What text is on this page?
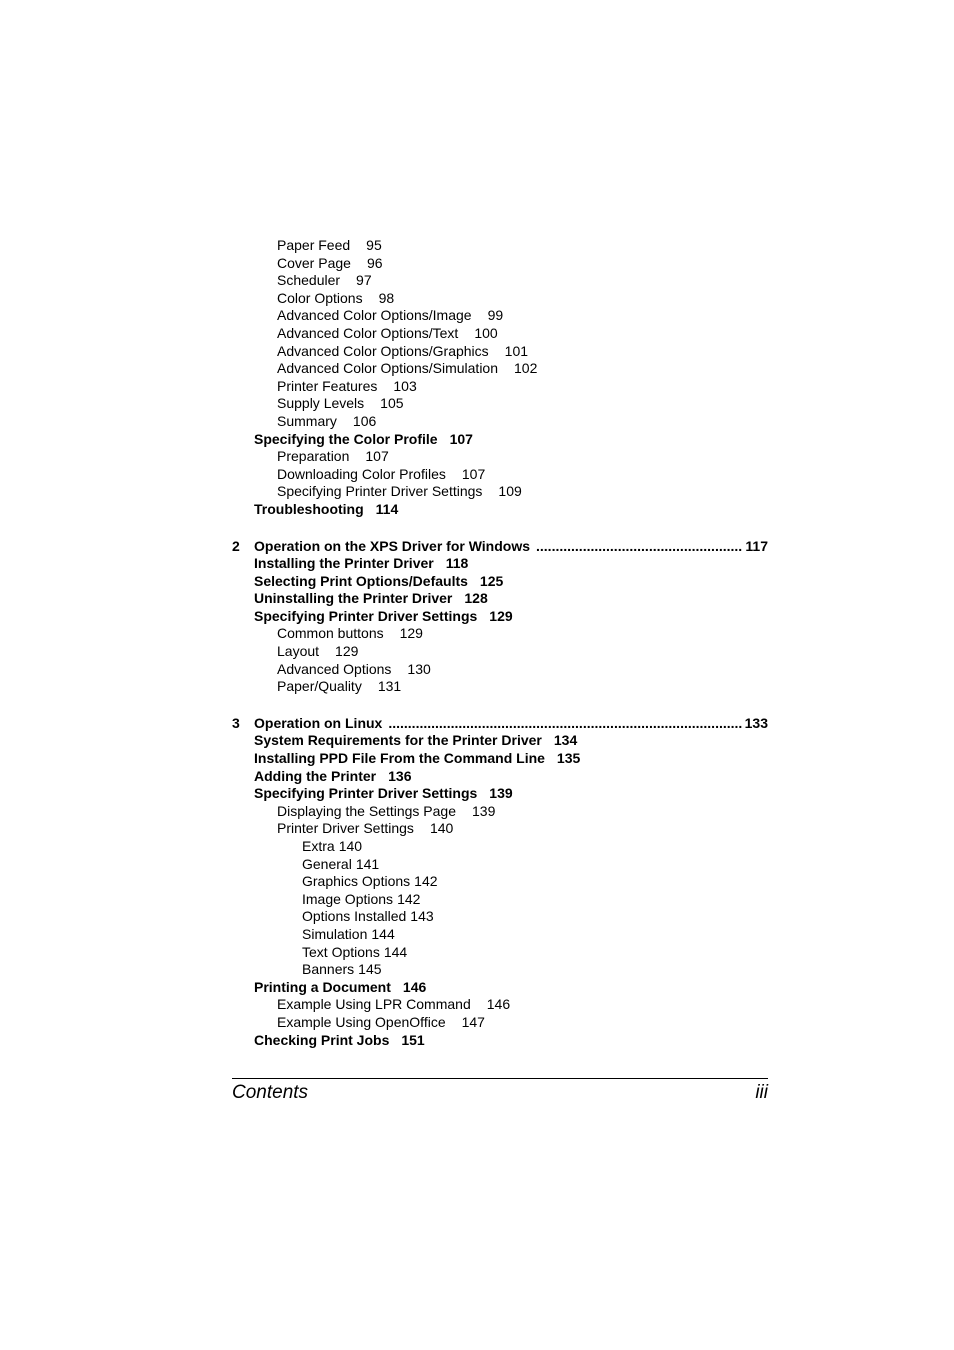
Paper Feed 95
Cover Page 96
Scheduler 97
Color Options 98
Advanced Color Options/Image 99
Advanced Color Options/Text 100
Advanced Color Options/Graphics 101
Advanced Color Options/Simulation 102
Printer Features 103
Supply Levels 105
Summary 106
Specifying the Color Profile 107
Preparation 107
Downloading Color Profiles 107
Specifying Printer Driver Settings 109
Troubleshooting 114
2	Operation on the XPS Driver for Windows .....	117
Installing the Printer Driver 118
Selecting Print Options/Defaults 125
Uninstalling the Printer Driver 128
Specifying Printer Driver Settings 129
Common buttons 129
Layout 129
Advanced Options 130
Paper/Quality 131
3	Operation on Linux .....	133
System Requirements for the Printer Driver 134
Installing PPD File From the Command Line 135
Adding the Printer 136
Specifying Printer Driver Settings 139
Displaying the Settings Page 139
Printer Driver Settings 140
Extra 140
General 141
Graphics Options 142
Image Options 142
Options Installed 143
Simulation 144
Text Options 144
Banners 145
Printing a Document 146
Example Using LPR Command 146
Example Using OpenOffice 147
Checking Print Jobs 151
Contents	iii
